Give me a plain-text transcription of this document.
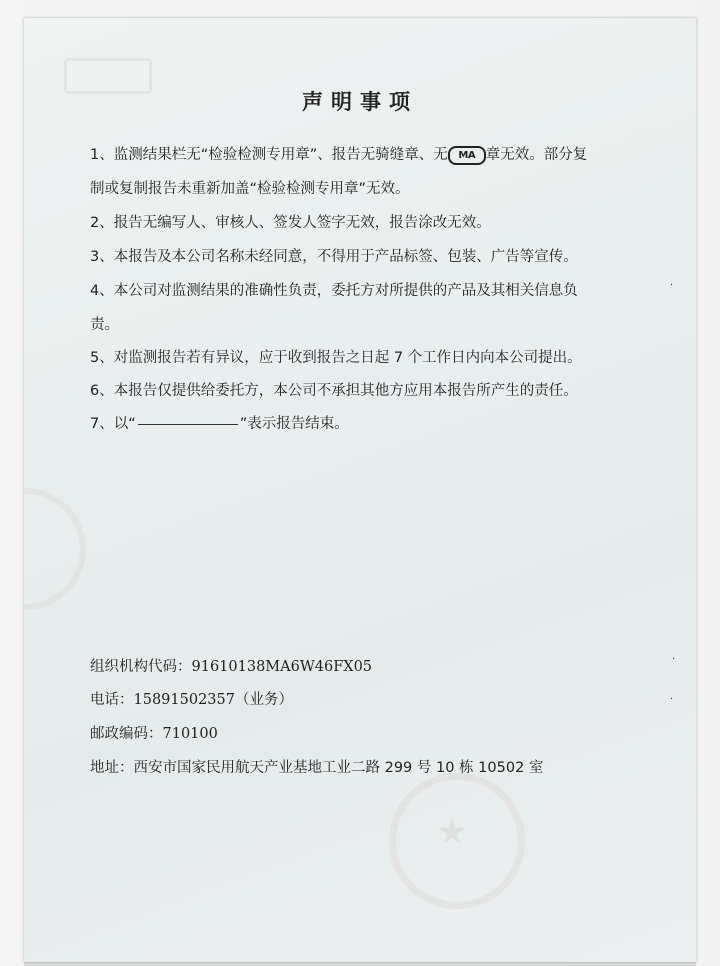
★
声明事项
1、监测结果栏无“检验检测专用章”、报告无骑缝章、无 MA 章无效。部分复
制或复制报告未重新加盖“检验检测专用章”无效。
2、报告无编写人、审核人、签发人签字无效，报告涂改无效。
3、本报告及本公司名称未经同意，不得用于产品标签、包装、广告等宣传。
4、本公司对监测结果的准确性负责，委托方对所提供的产品及其相关信息负
责。
5、对监测报告若有异议，应于收到报告之日起 7 个工作日内向本公司提出。
6、本报告仅提供给委托方，本公司不承担其他方应用本报告所产生的责任。
7、以“	”表示报告结束。
组织机构代码：91610138MA6W46FX05
电话：15891502357（业务）
邮政编码：710100
地址：西安市国家民用航天产业基地工业二路 299 号 10 栋 10502 室
·
·
·
